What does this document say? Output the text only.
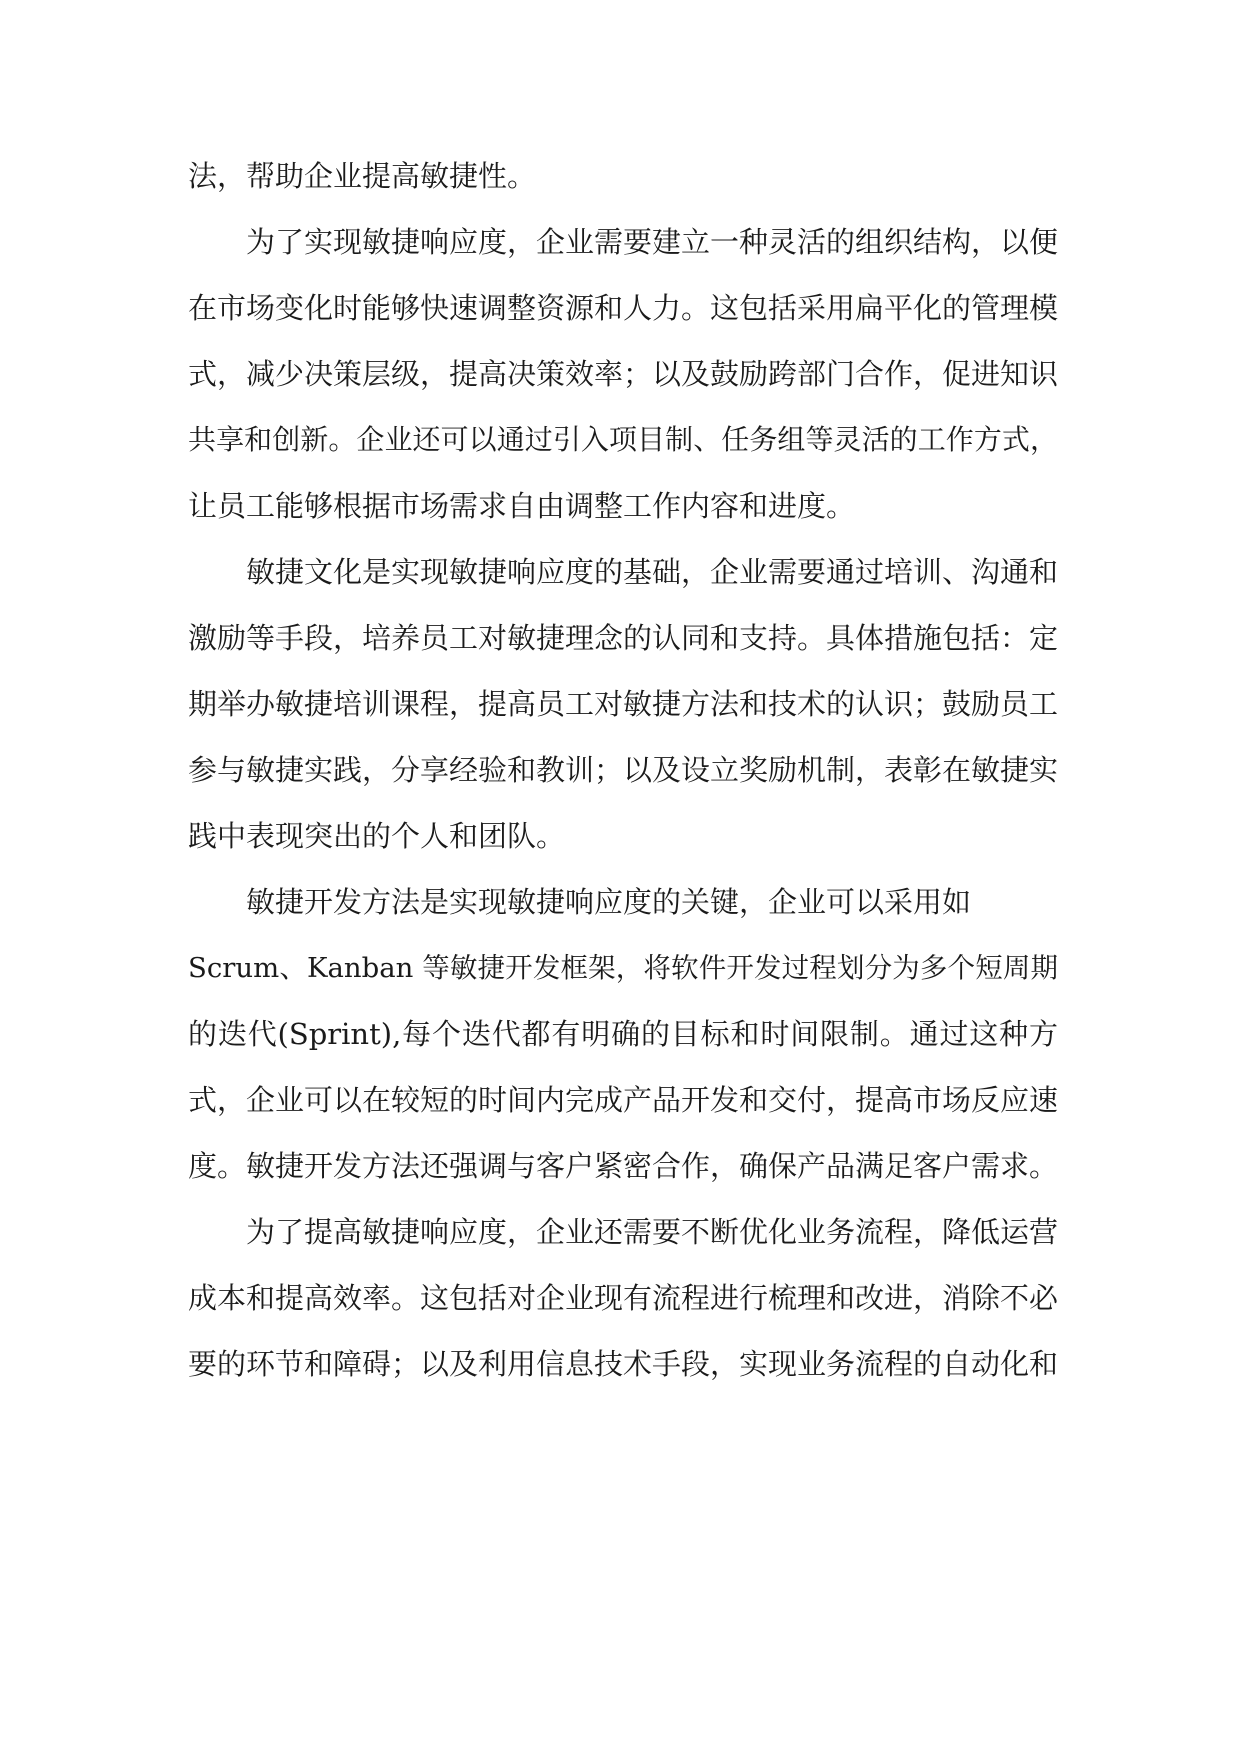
法，帮助企业提高敏捷性。
为了实现敏捷响应度，企业需要建立一种灵活的组织结构，以便
在市场变化时能够快速调整资源和人力。这包括采用扁平化的管理模
式，减少决策层级，提高决策效率；以及鼓励跨部门合作，促进知识
共享和创新。企业还可以通过引入项目制、任务组等灵活的工作方式，
让员工能够根据市场需求自由调整工作内容和进度。
敏捷文化是实现敏捷响应度的基础，企业需要通过培训、沟通和
激励等手段，培养员工对敏捷理念的认同和支持。具体措施包括：定
期举办敏捷培训课程，提高员工对敏捷方法和技术的认识；鼓励员工
参与敏捷实践，分享经验和教训；以及设立奖励机制，表彰在敏捷实
践中表现突出的个人和团队。
敏捷开发方法是实现敏捷响应度的关键，企业可以采用如
Scrum、Kanban 等敏捷开发框架，将软件开发过程划分为多个短周期
的迭代(Sprint),每个迭代都有明确的目标和时间限制。通过这种方
式，企业可以在较短的时间内完成产品开发和交付，提高市场反应速
度。敏捷开发方法还强调与客户紧密合作，确保产品满足客户需求。
为了提高敏捷响应度，企业还需要不断优化业务流程，降低运营
成本和提高效率。这包括对企业现有流程进行梳理和改进，消除不必
要的环节和障碍；以及利用信息技术手段，实现业务流程的自动化和
